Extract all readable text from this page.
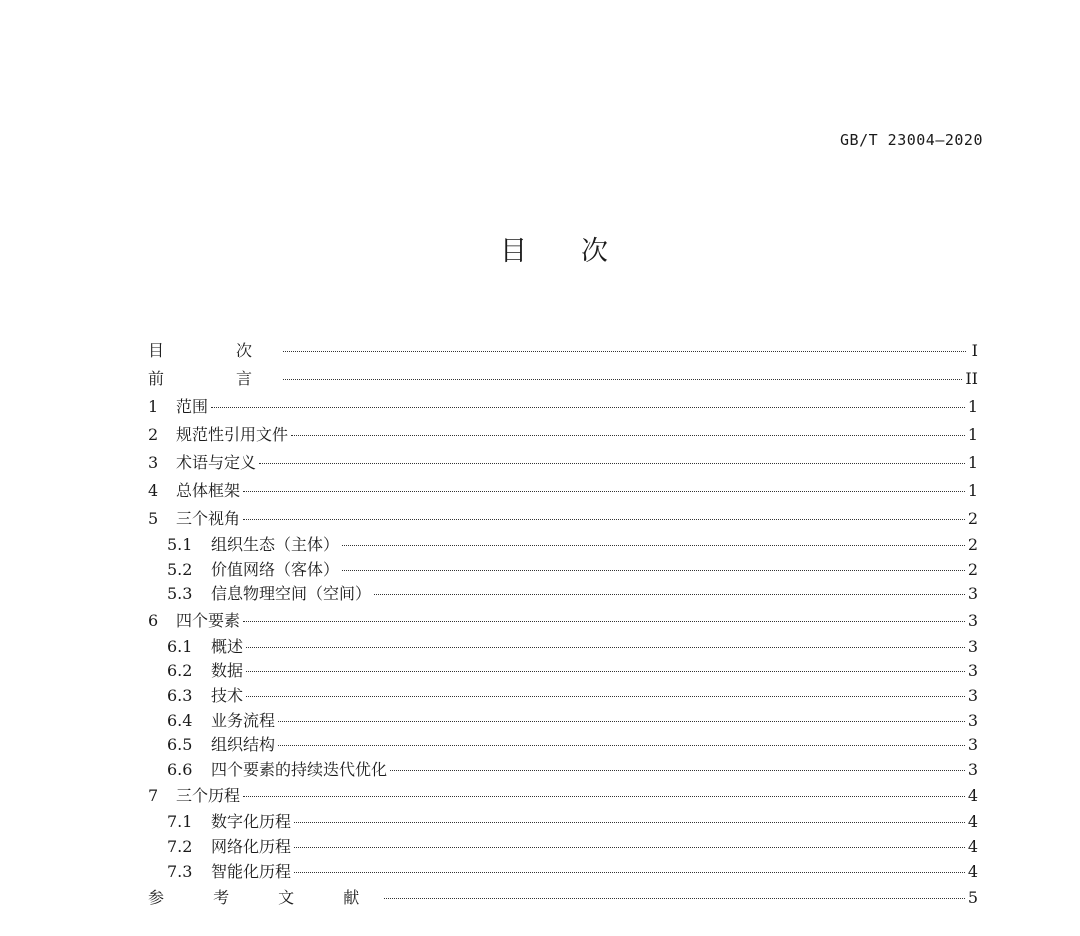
GB/T 23004—2020
目　　次
目　次	I
前　言	II
1	范围	1
2	规范性引用文件	1
3	术语与定义	1
4	总体框架	1
5	三个视角	2
5.1	组织生态（主体）	2
5.2	价值网络（客体）	2
5.3	信息物理空间（空间）	3
6	四个要素	3
6.1	概述	3
6.2	数据	3
6.3	技术	3
6.4	业务流程	3
6.5	组织结构	3
6.6	四个要素的持续迭代优化	3
7	三个历程	4
7.1	数字化历程	4
7.2	网络化历程	4
7.3	智能化历程	4
参 考 文 献	5
